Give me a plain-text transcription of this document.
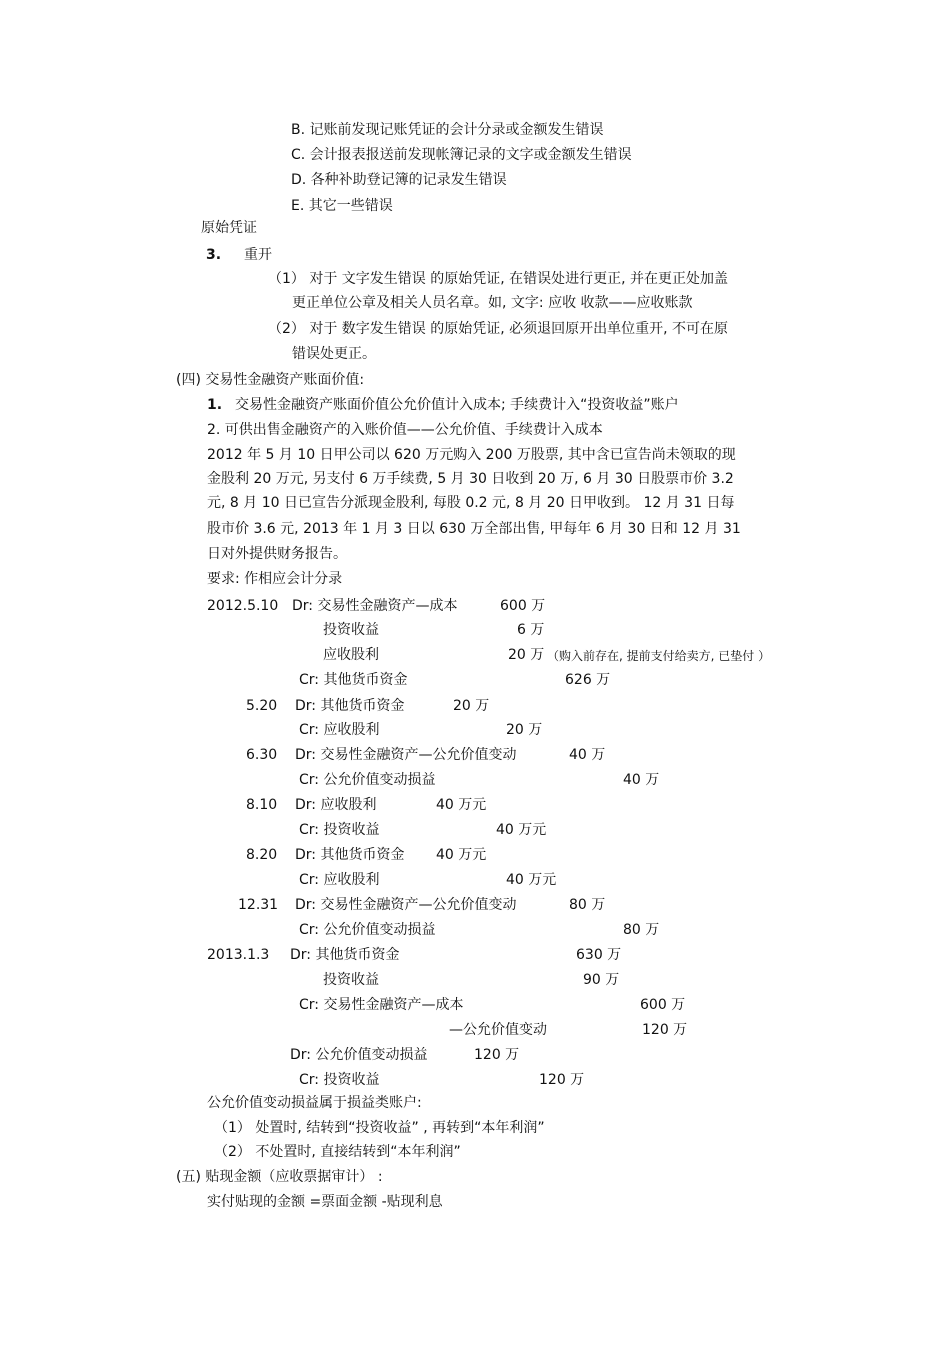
B. 记账前发现记账凭证的会计分录或金额发生错误
C. 会计报表报送前发现帐簿记录的文字或金额发生错误
D. 各种补助登记簿的记录发生错误
E. 其它一些错误
原始凭证
3. 重开
（1） 对于 文字发生错误 的原始凭证, 在错误处进行更正, 并在更正处加盖
更正单位公章及相关人员名章。如, 文字: 应收 收款——应收账款
（2） 对于 数字发生错误 的原始凭证, 必须退回原开出单位重开, 不可在原
错误处更正。
(四) 交易性金融资产账面价值:
1. 交易性金融资产账面价值公允价值计入成本; 手续费计入“投资收益”账户
2. 可供出售金融资产的入账价值——公允价值、手续费计入成本
2012 年 5 月 10 日甲公司以 620 万元购入 200 万股票, 其中含已宣告尚未领取的现
金股利 20 万元, 另支付 6 万手续费, 5 月 30 日收到 20 万, 6 月 30 日股票市价 3.2
元, 8 月 10 日已宣告分派现金股利, 每股 0.2 元, 8 月 20 日甲收到。 12 月 31 日每
股市价 3.6 元, 2013 年 1 月 3 日以 630 万全部出售, 甲每年 6 月 30 日和 12 月 31
日对外提供财务报告。
要求: 作相应会计分录
2012.5.10 Dr: 交易性金融资产—成本	600 万
投资收益	6 万
应收股利	20 万 （购入前存在, 提前支付给卖方, 已垫付 ）
Cr: 其他货币资金	626 万
5.20 Dr: 其他货币资金	20 万
Cr: 应收股利	20 万
6.30 Dr: 交易性金融资产—公允价值变动	40 万
Cr: 公允价值变动损益	40 万
8.10 Dr: 应收股利	40 万元
Cr: 投资收益	40 万元
8.20 Dr: 其他货币资金 40 万元
Cr: 应收股利	40 万元
12.31 Dr: 交易性金融资产—公允价值变动	80 万
Cr: 公允价值变动损益	80 万
2013.1.3 Dr: 其他货币资金	630 万
投资收益	90 万
Cr: 交易性金融资产—成本	600 万
—公允价值变动	120 万
Dr: 公允价值变动损益	120 万
Cr: 投资收益	120 万
公允价值变动损益属于损益类账户:
（1） 处置时, 结转到“投资收益” , 再转到“本年利润”
（2） 不处置时, 直接结转到“本年利润”
(五) 贴现金额（应收票据审计） :
实付贴现的金额 =票面金额 -贴现利息
